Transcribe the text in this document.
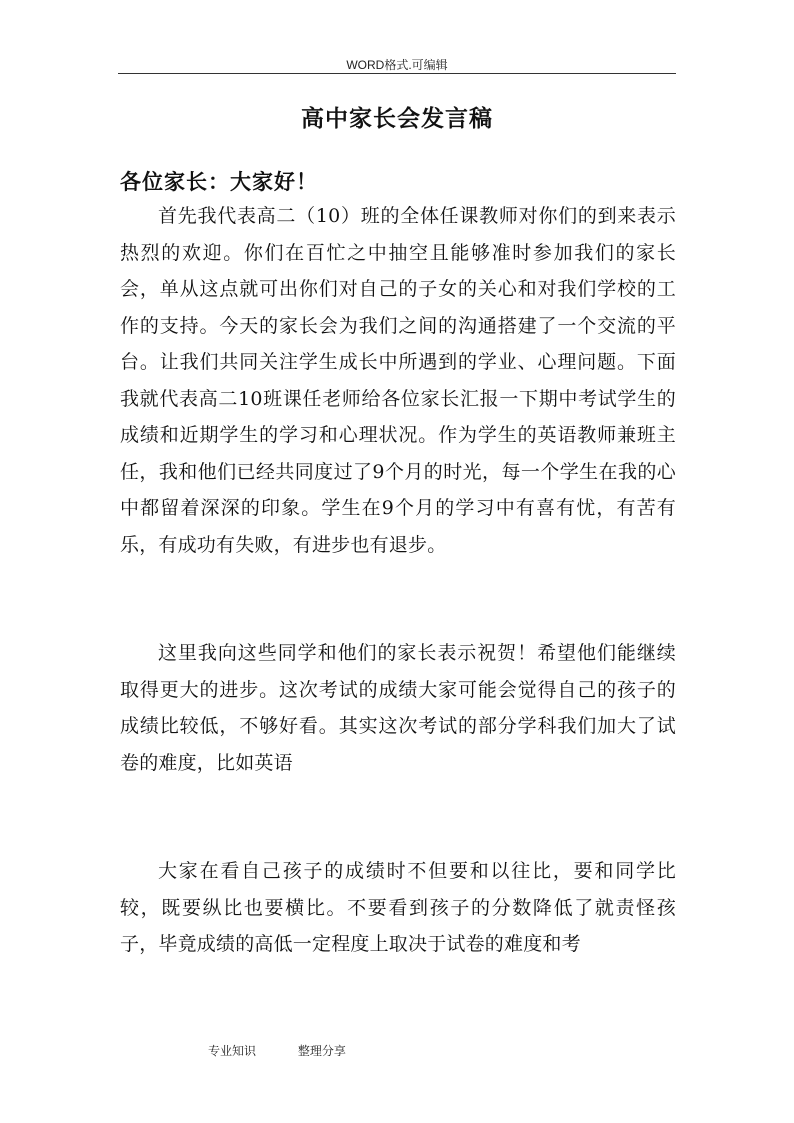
WORD格式.可编辑
高中家长会发言稿
各位家长：大家好！

首先我代表高二（10）班的全体任课教师对你们的到来表示热烈的欢迎。你们在百忙之中抽空且能够准时参加我们的家长会，单从这点就可出你们对自己的子女的关心和对我们学校的工作的支持。今天的家长会为我们之间的沟通搭建了一个交流的平台。让我们共同关注学生成长中所遇到的学业、心理问题。下面我就代表高二10班课任老师给各位家长汇报一下期中考试学生的成绩和近期学生的学习和心理状况。作为学生的英语教师兼班主任，我和他们已经共同度过了9个月的时光，每一个学生在我的心中都留着深深的印象。学生在9个月的学习中有喜有忧，有苦有乐，有成功有失败，有进步也有退步。

这里我向这些同学和他们的家长表示祝贺！希望他们能继续取得更大的进步。这次考试的成绩大家可能会觉得自己的孩子的成绩比较低，不够好看。其实这次考试的部分学科我们加大了试卷的难度，比如英语

大家在看自己孩子的成绩时不但要和以往比，要和同学比较，既要纵比也要横比。不要看到孩子的分数降低了就责怪孩子，毕竟成绩的高低一定程度上取决于试卷的难度和考

专业知识	整理分享
